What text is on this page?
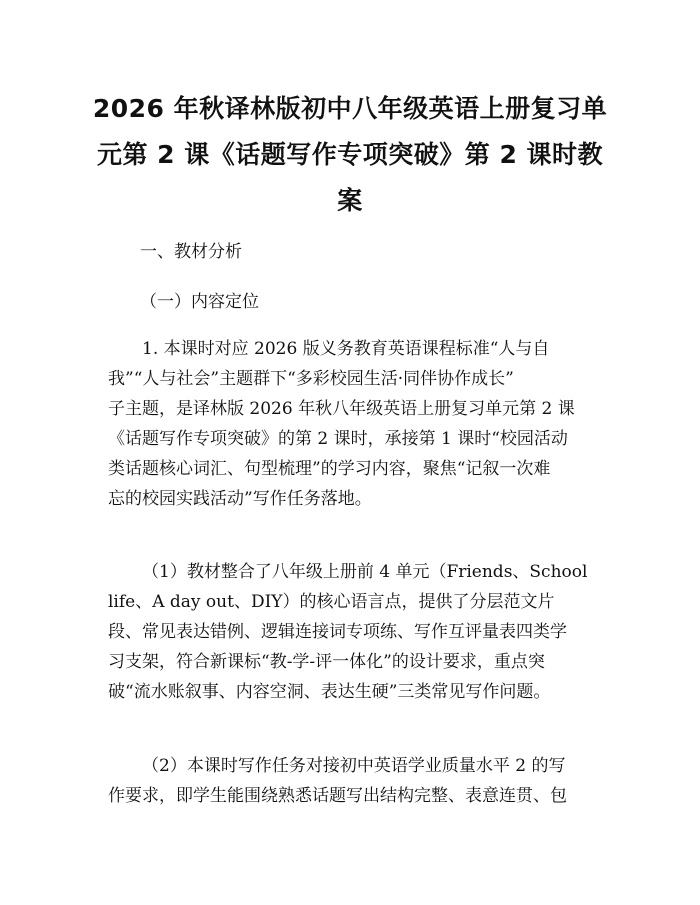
2026 年秋译林版初中八年级英语上册复习单
元第 2 课《话题写作专项突破》第 2 课时教
案

一、教材分析

（一）内容定位

1. 本课时对应 2026 版义务教育英语课程标准“人与自
我”“人与社会”主题群下“多彩校园生活·同伴协作成长”
子主题，是译林版 2026 年秋八年级英语上册复习单元第 2 课
《话题写作专项突破》的第 2 课时，承接第 1 课时“校园活动
类话题核心词汇、句型梳理”的学习内容，聚焦“记叙一次难
忘的校园实践活动”写作任务落地。

（1）教材整合了八年级上册前 4 单元（Friends、School
life、A day out、DIY）的核心语言点，提供了分层范文片
段、常见表达错例、逻辑连接词专项练、写作互评量表四类学
习支架，符合新课标“教-学-评一体化”的设计要求，重点突
破“流水账叙事、内容空洞、表达生硬”三类常见写作问题。

（2）本课时写作任务对接初中英语学业质量水平 2 的写
作要求，即学生能围绕熟悉话题写出结构完整、表意连贯、包
